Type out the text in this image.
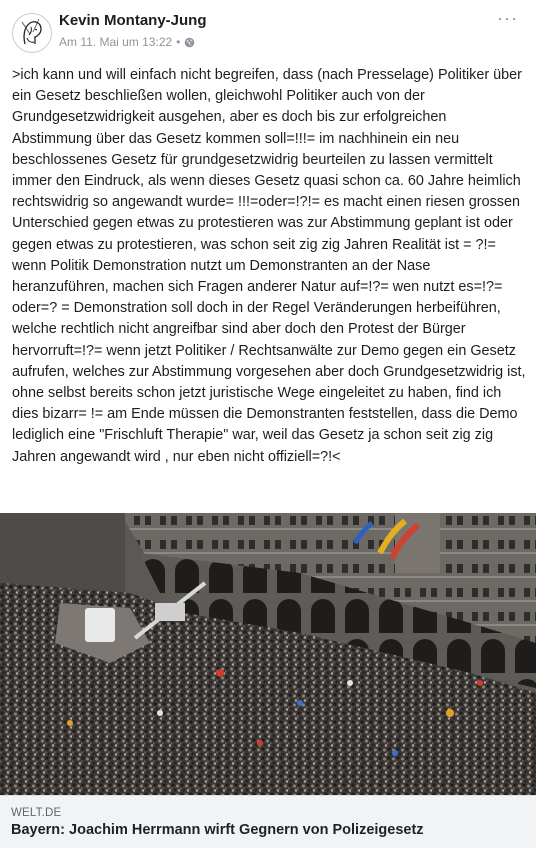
Kevin Montany-Jung
Am 11. Mai um 13:22 •
···
>ich kann und will einfach nicht begreifen, dass (nach Presselage) Politiker über ein Gesetz beschließen wollen, gleichwohl Politiker auch von der Grundgesetzwidrigkeit ausgehen, aber es doch bis zur erfolgreichen Abstimmung über das Gesetz kommen soll=!!!= im nachhinein ein neu beschlossenes Gesetz für grundgesetzwidrig beurteilen zu lassen vermittelt immer den Eindruck, als wenn dieses Gesetz quasi schon ca. 60 Jahre heimlich rechtswidrig so angewandt wurde= !!!=oder=!?!= es macht einen riesen grossen Unterschied gegen etwas zu protestieren was zur Abstimmung geplant ist oder gegen etwas zu protestieren, was schon seit zig zig Jahren Realität ist = ?!= wenn Politik Demonstration nutzt um Demonstranten an der Nase heranzuführen, machen sich Fragen anderer Natur auf=!?= wen nutzt es=!?= oder=? = Demonstration soll doch in der Regel Veränderungen herbeiführen, welche rechtlich nicht angreifbar sind aber doch den Protest der Bürger hervorruft=!?= wenn jetzt Politiker / Rechtsanwälte zur Demo gegen ein Gesetz aufrufen, welches zur Abstimmung vorgesehen aber doch Grundgesetzwidrig ist, ohne selbst bereits schon jetzt juristische Wege eingeleitet zu haben, find ich dies bizarr= != am Ende müssen die Demonstranten feststellen, dass die Demo lediglich eine "Frischluft Therapie" war, weil das Gesetz ja schon seit zig zig Jahren angewandt wird , nur eben nicht offiziell=?!<
WELT.DE
Bayern: Joachim Herrmann wirft Gegnern von Polizeigesetz
